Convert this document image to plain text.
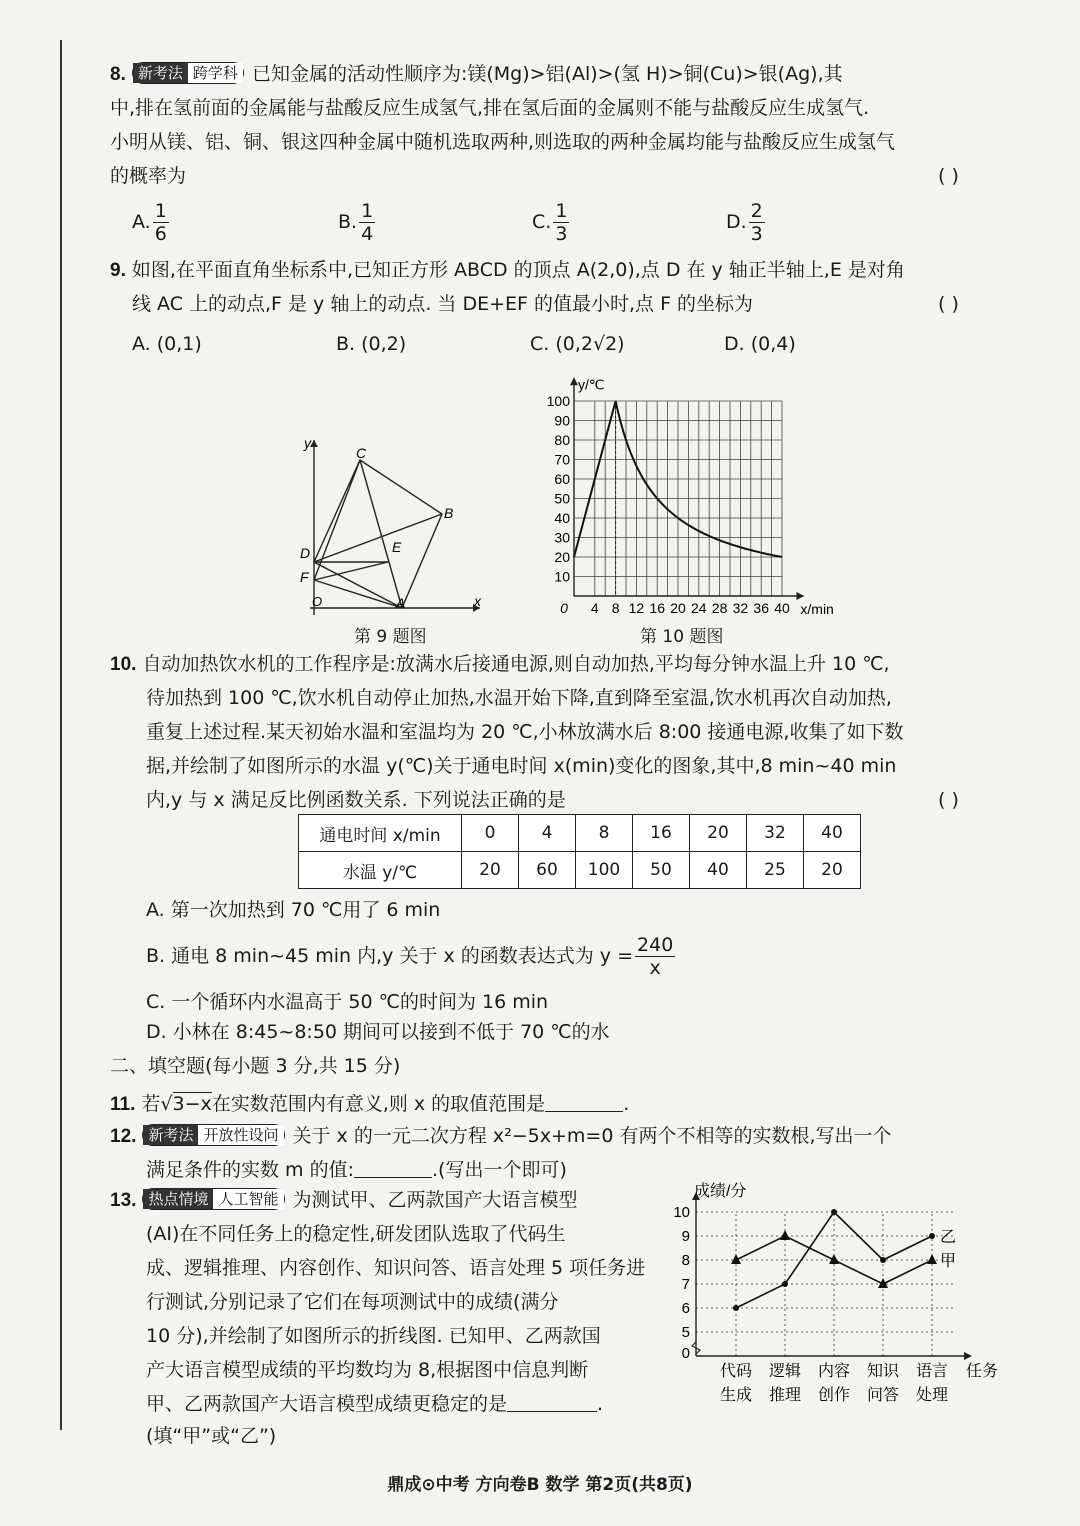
8. 新考法 跨学科 已知金属的活动性顺序为:镁(Mg)>铝(Al)>(氢 H)>铜(Cu)>银(Ag),其
中,排在氢前面的金属能与盐酸反应生成氢气,排在氢后面的金属则不能与盐酸反应生成氢气.
小明从镁、铝、铜、银这四种金属中随机选取两种,则选取的两种金属均能与盐酸反应生成氢气
的概率为	( )
A. $\frac{1}{6}$	B. $\frac{1}{4}$	C. $\frac{1}{3}$	D. $\frac{2}{3}$
9. 如图,在平面直角坐标系中,已知正方形 ABCD 的顶点 A(2,0),点 D 在 y 轴正半轴上,E 是对角
线 AC 上的动点,F 是 y 轴上的动点. 当 DE+EF 的值最小时,点 F 的坐标为	( )
A. (0,1)	B. (0,2)	C. (0,2√2)	D. (0,4)
y
x
O	A
B
C
D	E
F
第 9 题图
10
20
30
40
50
60
70
80
90
100
0 4 8 12 16 20 24 28 32 36 40 x/min
y/℃
第 10 题图
10. 自动加热饮水机的工作程序是:放满水后接通电源,则自动加热,平均每分钟水温上升 10 ℃,
待加热到 100 ℃,饮水机自动停止加热,水温开始下降,直到降至室温,饮水机再次自动加热,
重复上述过程.某天初始水温和室温均为 20 ℃,小林放满水后 8:00 接通电源,收集了如下数
据,并绘制了如图所示的水温 y(℃)关于通电时间 x(min)变化的图象,其中,8 min~40 min
内,y 与 x 满足反比例函数关系. 下列说法正确的是	( )
通电时间 x/min	0	4	8	16	20	32	40
水温 y/℃	20	60	100	50	40	25	20
A. 第一次加热到 70 ℃用了 6 min
B. 通电 8 min~45 min 内,y 关于 x 的函数表达式为 $y = \frac{240}{x}$
C. 一个循环内水温高于 50 ℃的时间为 16 min
D. 小林在 8:45~8:50 期间可以接到不低于 70 ℃的水
二、填空题(每小题 3 分,共 15 分)
11. 若√3−x在实数范围内有意义,则 x 的取值范围是	.
12. 新考法 开放性设问 关于 x 的一元二次方程 x²−5x+m=0 有两个不相等的实数根,写出一个
满足条件的实数 m 的值:	.(写出一个即可)
13. 热点情境 人工智能 为测试甲、乙两款国产大语言模型
(AI)在不同任务上的稳定性,研发团队选取了代码生
成、逻辑推理、内容创作、知识问答、语言处理 5 项任务进
行测试,分别记录了它们在每项测试中的成绩(满分
10 分),并绘制了如图所示的折线图. 已知甲、乙两款国
产大语言模型成绩的平均数均为 8,根据图中信息判断
甲、乙两款国产大语言模型成绩更稳定的是	.
(填“甲”或“乙”)
0
5
6
7
8
9
10
代码
生成
逻辑
推理
内容
创作
知识
问答
语言
处理
任务
成绩/分
甲
乙
鼎成⊙中考 方向卷B 数学 第2页(共8页)
